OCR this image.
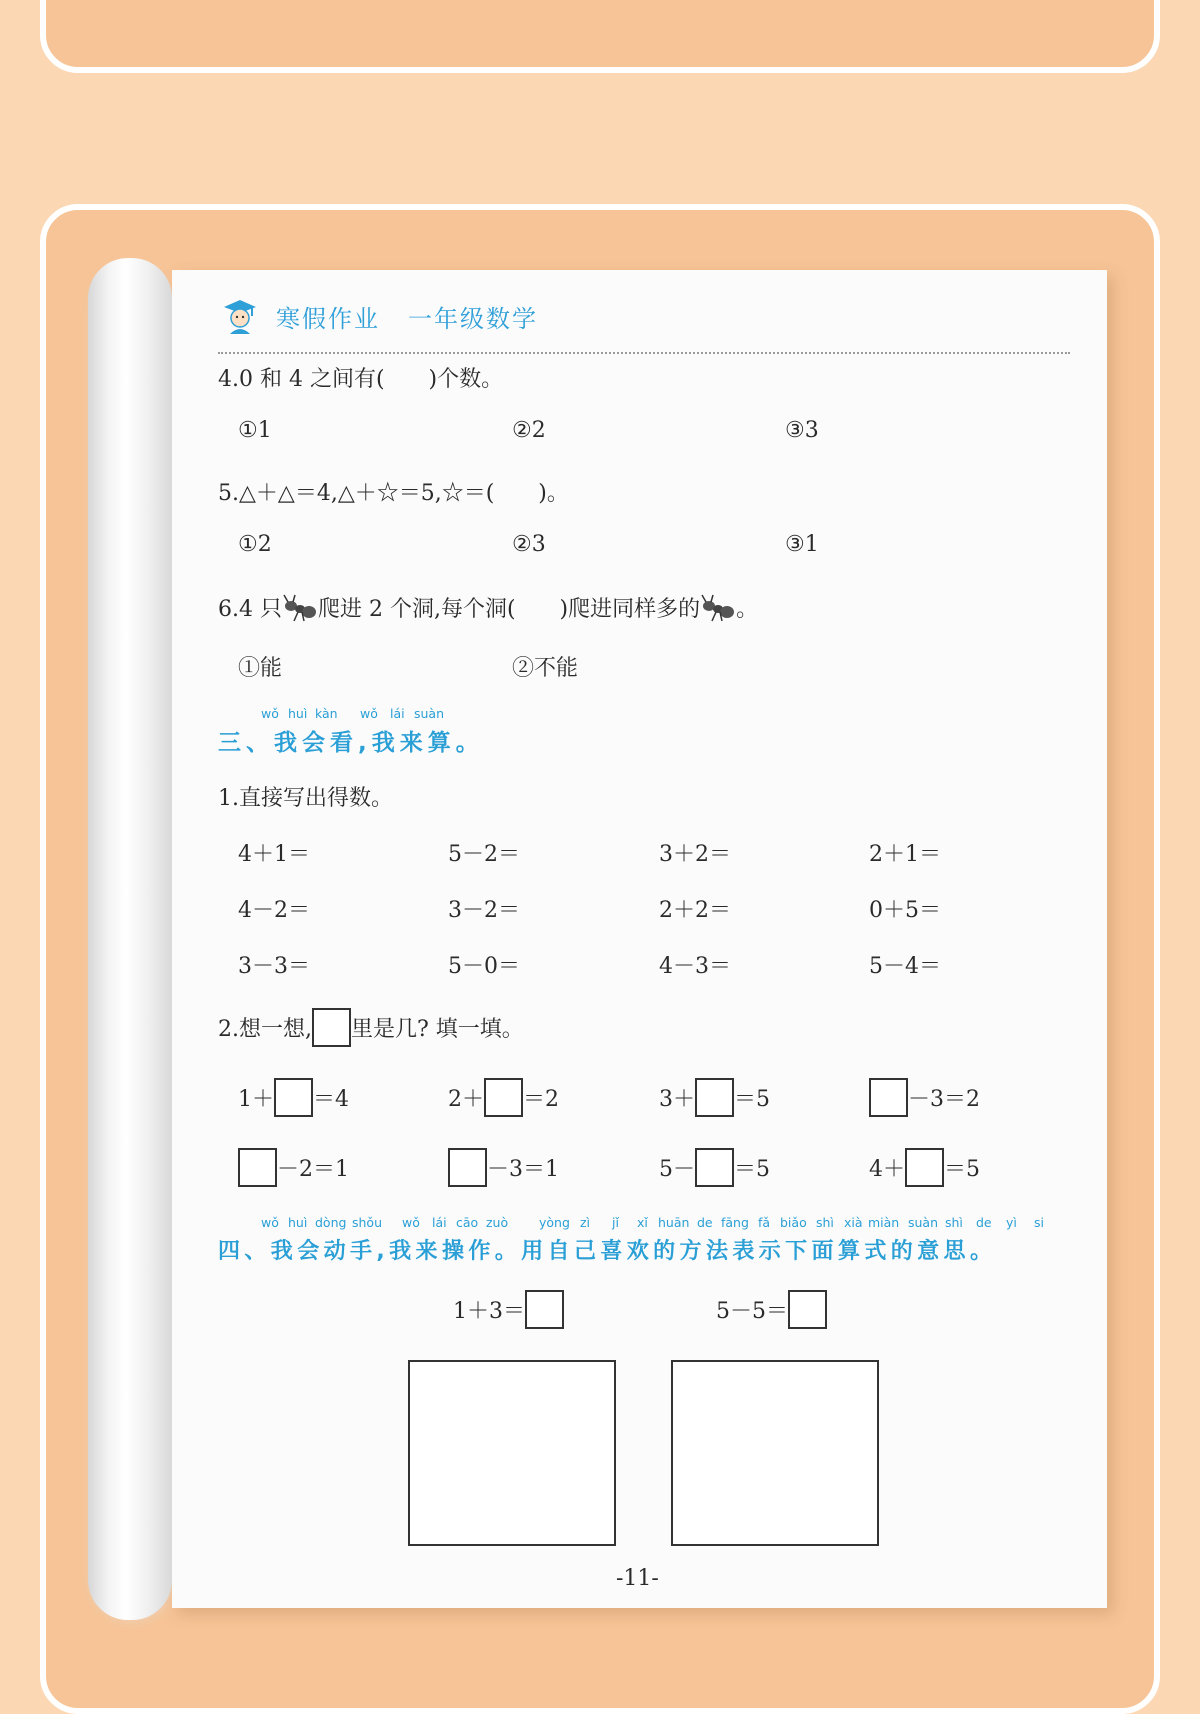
寒假作业 一年级数学
4.0 和 4 之间有(　　)个数。
①1	②2	③3
5.△＋△＝4,△＋☆＝5,☆＝(　　)。
①2	②3	③1
6.4 只 爬进 2 个洞,每个洞(　　)爬进同样多的 。
①能	②不能
wǒ huì kàn wǒ lái suàn
三、我会看,我来算。
1.直接写出得数。
4＋1＝	5－2＝	3＋2＝	2＋1＝
4－2＝	3－2＝	2＋2＝	0＋5＝
3－3＝	5－0＝	4－3＝	5－4＝
2.想一想, 里是几? 填一填。
1＋ ＝4	2＋ ＝2	3＋ ＝5	－3＝2
－2＝1	－3＝1	5－ ＝5	4＋ ＝5
wǒ huì dòng shǒu wǒ lái cāo zuò yòng zì jǐ xǐ huān de fāng fǎ biǎo shì xià miàn suàn shì de yì si
四、我会动手,我来操作。用自己喜欢的方法表示下面算式的意思。
1＋3＝	5－5＝
-11-
